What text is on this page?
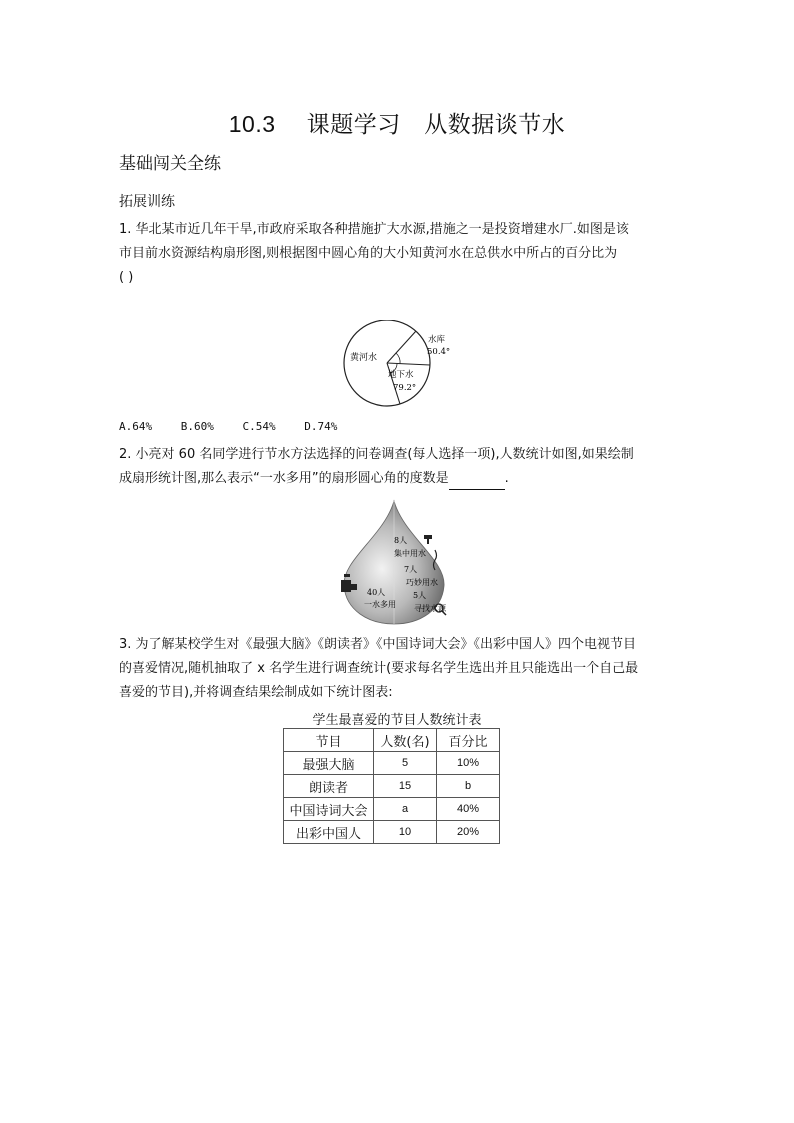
10.3 课题学习　从数据谈节水
基础闯关全练
拓展训练
1. 华北某市近几年干旱,市政府采取各种措施扩大水源,措施之一是投资增建水厂.如图是该
市目前水资源结构扇形图,则根据图中圆心角的大小知黄河水在总供水中所占的百分比为
( )
黄河水
水库
50.4°
地下水
79.2°
A.64%	B.60%	C.54%	D.74%
2. 小亮对 60 名同学进行节水方法选择的问卷调查(每人选择一项),人数统计如图,如果绘制
成扇形统计图,那么表示“一水多用”的扇形圆心角的度数是	.
8人
集中用水
7人
巧妙用水
40人
一水多用
5人
寻找水源
3. 为了解某校学生对《最强大脑》《朗读者》《中国诗词大会》《出彩中国人》四个电视节目
的喜爱情况,随机抽取了 x 名学生进行调查统计(要求每名学生选出并且只能选出一个自己最
喜爱的节目),并将调查结果绘制成如下统计图表:
学生最喜爱的节目人数统计表
节目	人数(名)	百分比
最强大脑	5	10%
朗读者	15	b
中国诗词大会	a	40%
出彩中国人	10	20%
